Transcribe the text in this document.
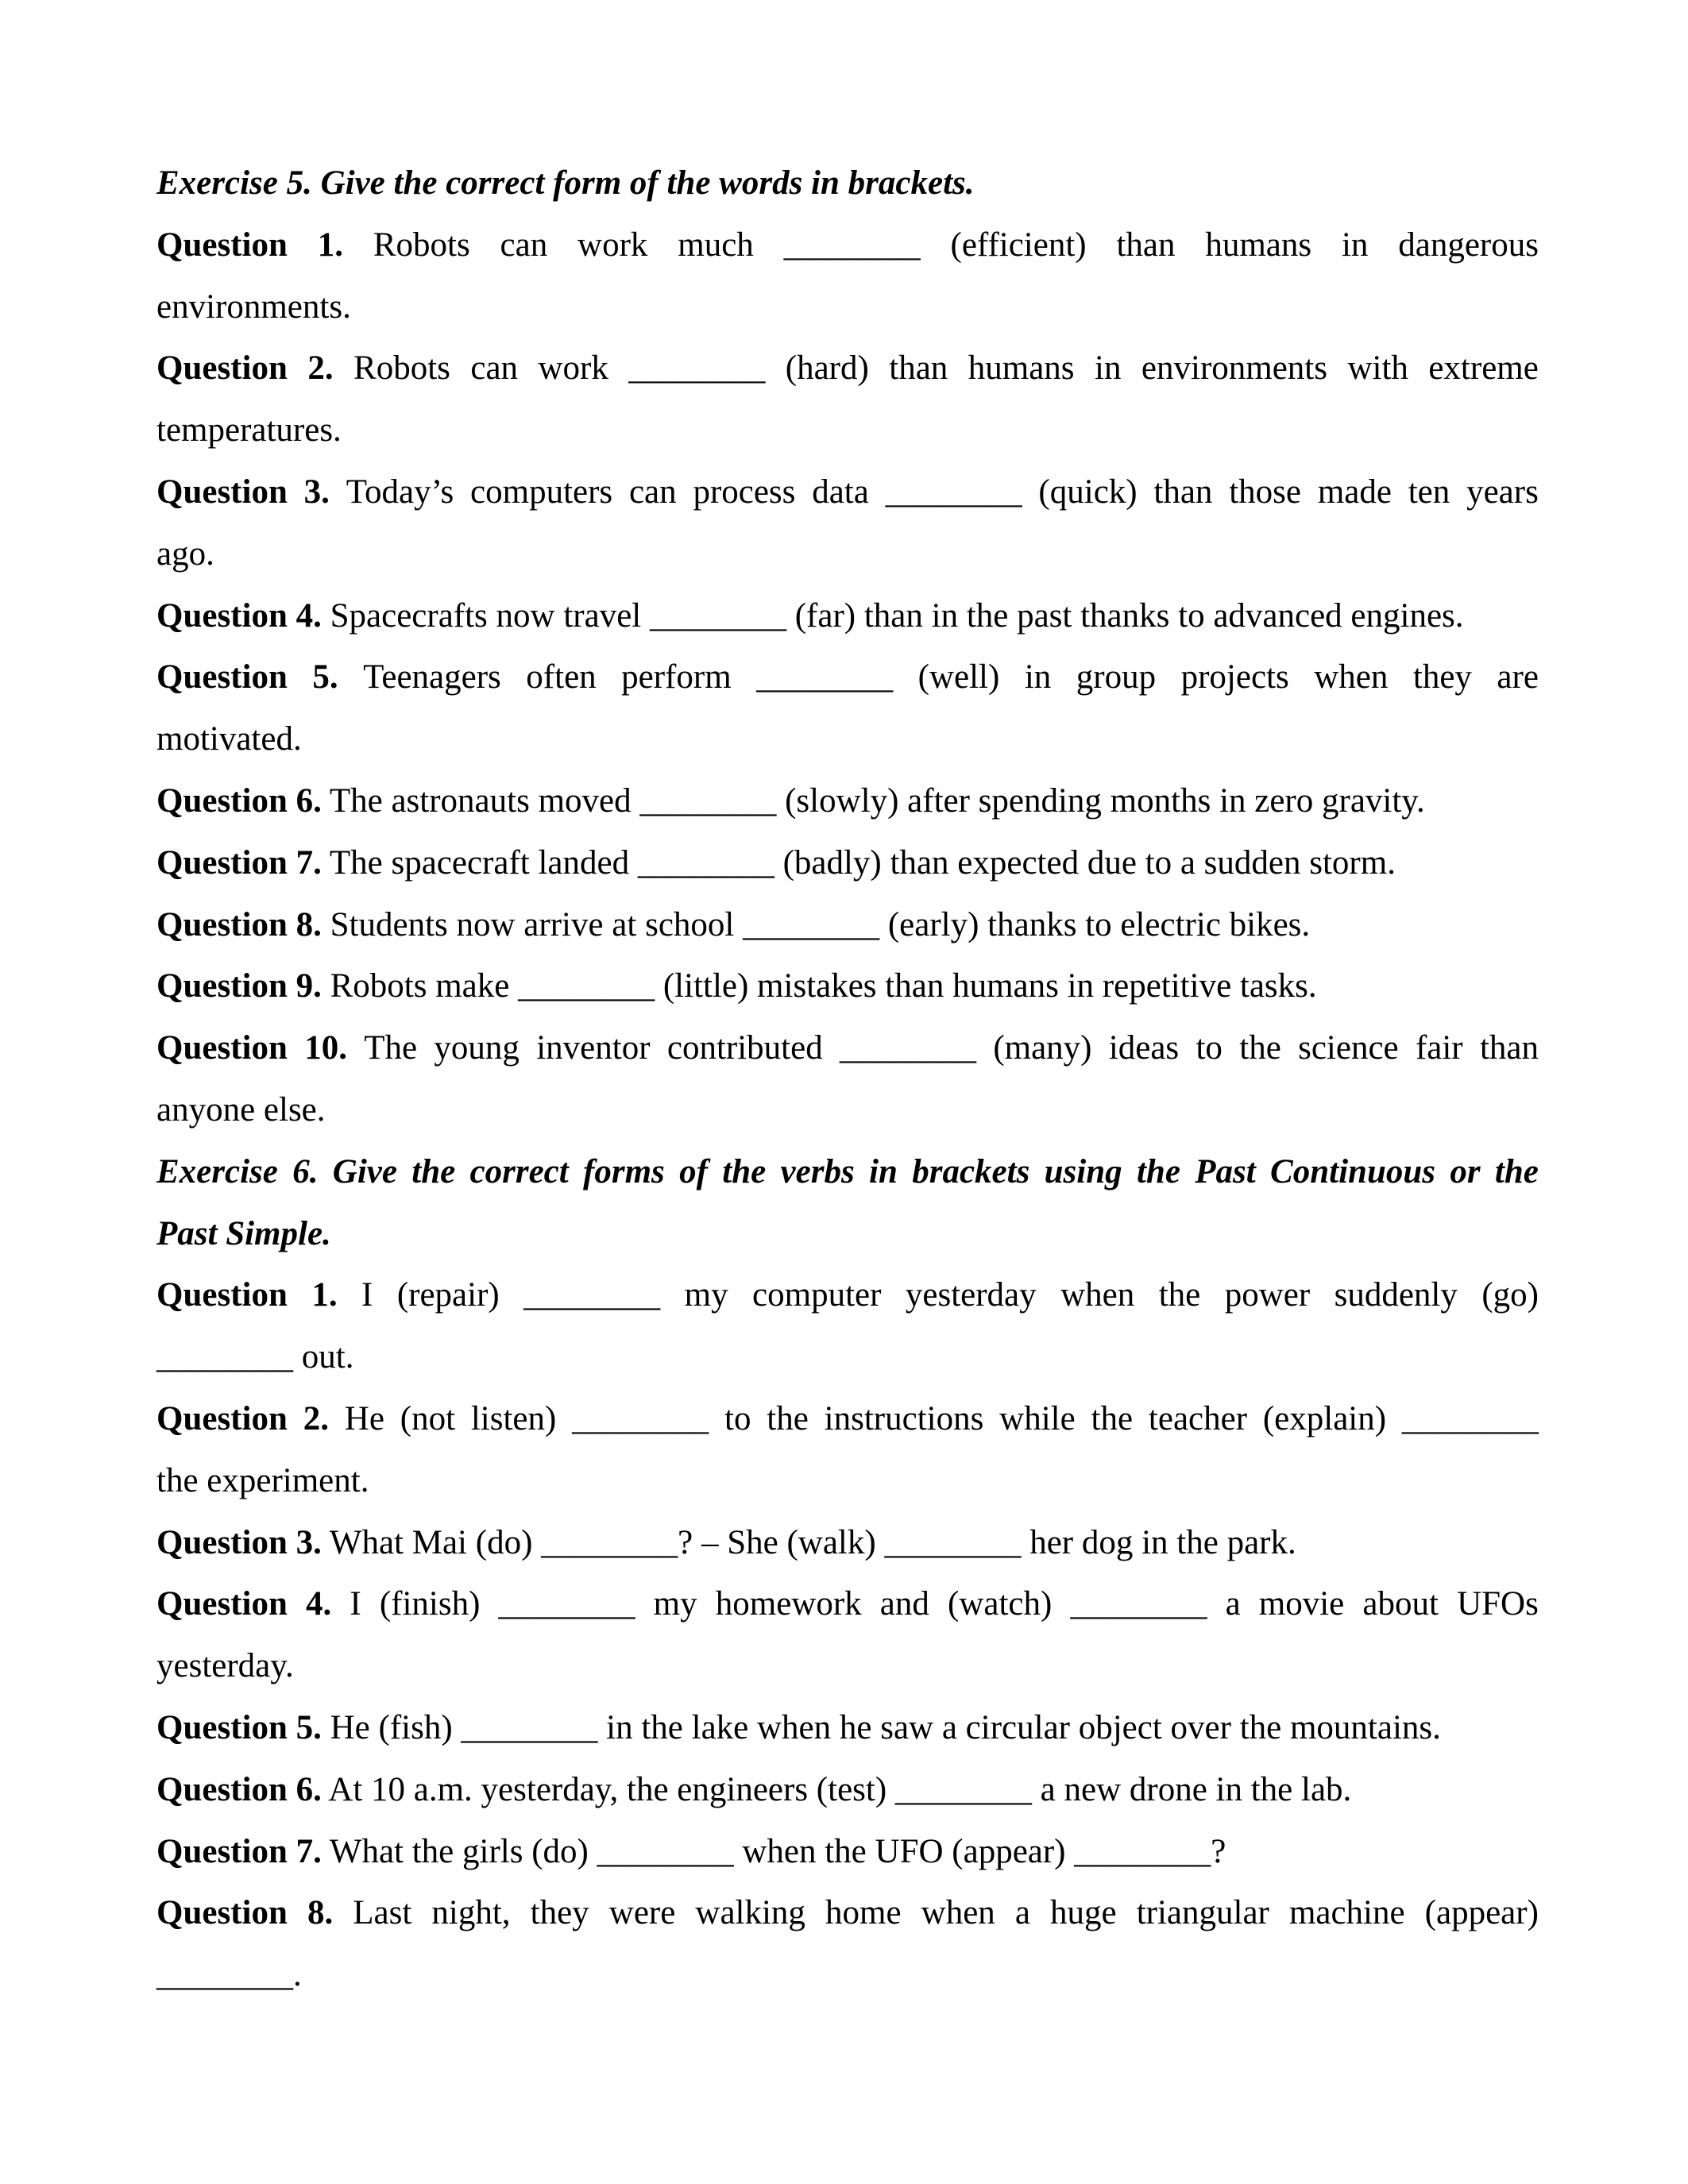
Exercise 5. Give the correct form of the words in brackets.
Question 1. Robots can work much ________ (efficient) than humans in dangerous
environments.
Question 2. Robots can work ________ (hard) than humans in environments with extreme
temperatures.
Question 3. Today’s computers can process data ________ (quick) than those made ten years
ago.
Question 4. Spacecrafts now travel ________ (far) than in the past thanks to advanced engines.
Question 5. Teenagers often perform ________ (well) in group projects when they are
motivated.
Question 6. The astronauts moved ________ (slowly) after spending months in zero gravity.
Question 7. The spacecraft landed ________ (badly) than expected due to a sudden storm.
Question 8. Students now arrive at school ________ (early) thanks to electric bikes.
Question 9. Robots make ________ (little) mistakes than humans in repetitive tasks.
Question 10. The young inventor contributed ________ (many) ideas to the science fair than
anyone else.
Exercise 6. Give the correct forms of the verbs in brackets using the Past Continuous or the
Past Simple.
Question 1. I (repair) ________ my computer yesterday when the power suddenly (go)
________ out.
Question 2. He (not listen) ________ to the instructions while the teacher (explain) ________
the experiment.
Question 3. What Mai (do) ________? – She (walk) ________ her dog in the park.
Question 4. I (finish) ________ my homework and (watch) ________ a movie about UFOs
yesterday.
Question 5. He (fish) ________ in the lake when he saw a circular object over the mountains.
Question 6. At 10 a.m. yesterday, the engineers (test) ________ a new drone in the lab.
Question 7. What the girls (do) ________ when the UFO (appear) ________?
Question 8. Last night, they were walking home when a huge triangular machine (appear)
________.
